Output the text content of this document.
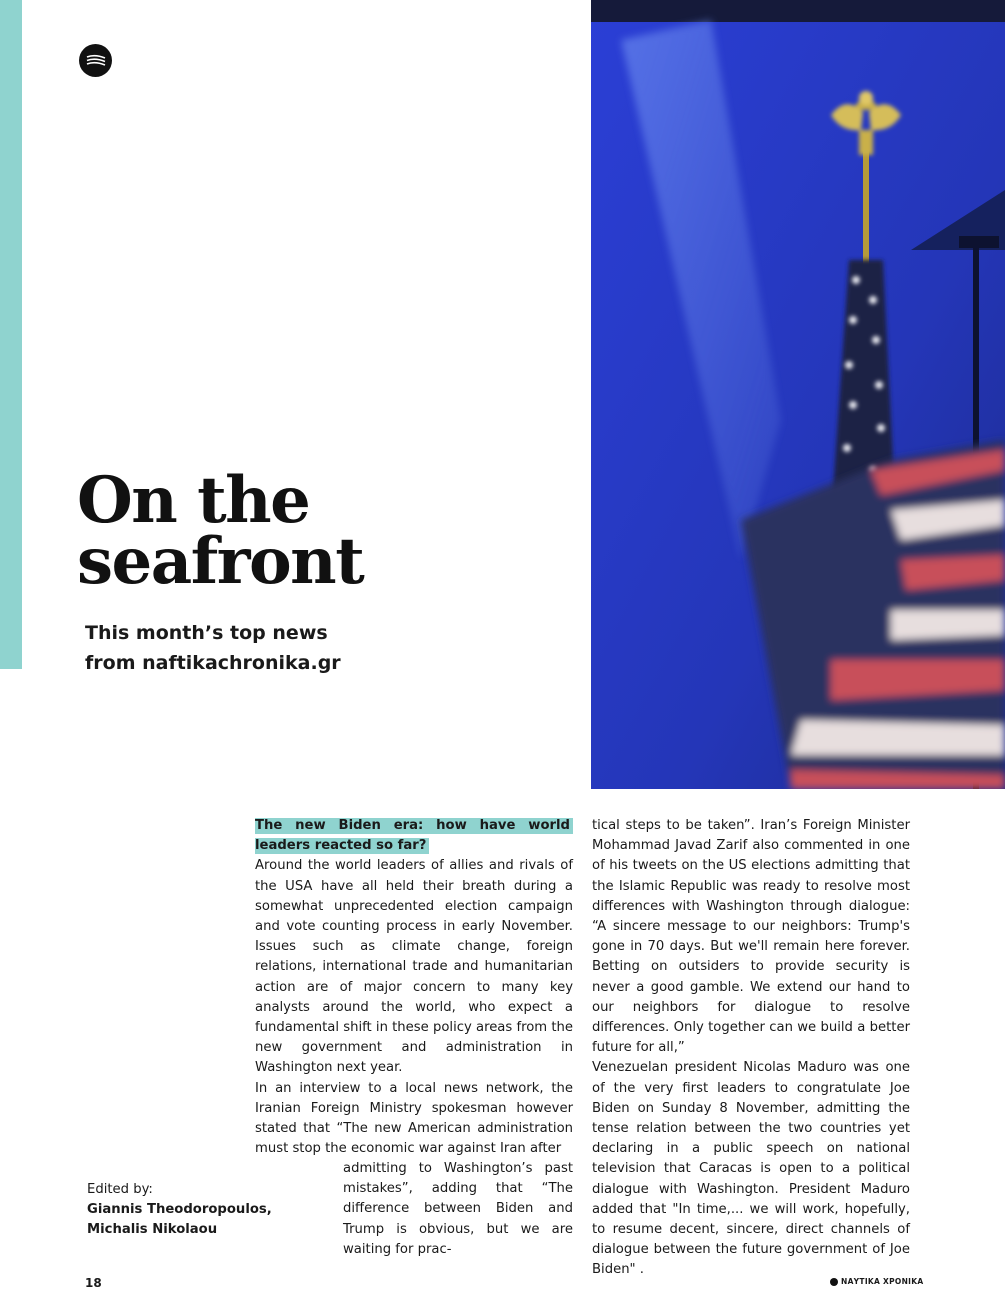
On the
seafront

This month’s top news
from naftikachronika.gr

The new Biden era: how have world leaders reacted so far?

Around the world leaders of allies and rivals of the USA have all held their breath during a somewhat unprecedented election campaign and vote counting process in early November. Issues such as climate change, foreign relations, international trade and humanitarian action are of major concern to many key analysts around the world, who expect a fundamental shift in these policy areas from the new government and administration in Washington next year.

In an interview to a local news network, the Iranian Foreign Ministry spokesman however stated that “The new American administration must stop the economic war against Iran after

admitting to Washington’s past mistakes”, adding that “The difference between Biden and Trump is obvious, but we are waiting for prac-

tical steps to be taken”. Iran’s Foreign Minister Mohammad Javad Zarif also commented in one of his tweets on the US elections admitting that the Islamic Republic was ready to resolve most differences with Washington through dialogue: “A sincere message to our neighbors: Trump's gone in 70 days. But we'll remain here forever. Betting on outsiders to provide security is never a good gamble. We extend our hand to our neighbors for dialogue to resolve differences. Only together can we build a better future for all,”

Venezuelan president Nicolas Maduro was one of the very first leaders to congratulate Joe Biden on Sunday 8 November, admitting the tense relation between the two countries yet declaring in a public speech on national television that Caracas is open to a political dialogue with Washington. President Maduro added that "In time,... we will work, hopefully, to resume decent, sincere, direct channels of dialogue between the future government of Joe Biden" .

Edited by:
Giannis Theodoropoulos,
Michalis Nikolaou
18	ΝΑΥΤΙΚΑ ΧΡΟΝΙΚΑ
